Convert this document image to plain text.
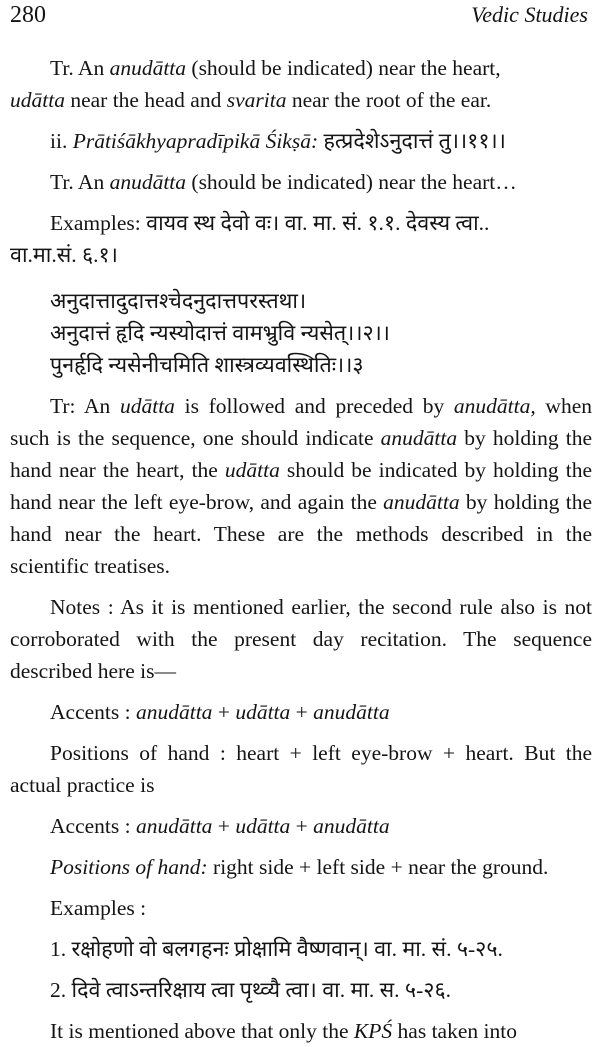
280	Vedic Studies

Tr. An anudātta (should be indicated) near the heart,
udātta near the head and svarita near the root of the ear.

ii. Prātiśākhyapradīpikā Śikṣā: हत्प्रदेशेऽनुदात्तं तु।।११।।

Tr. An anudātta (should be indicated) near the heart…

Examples: वायव स्थ देवो वः। वा. मा. सं. १.१. देवस्य त्वा..
वा.मा.सं. ६.१।

अनुदात्तादुदात्तश्चेदनुदात्तपरस्तथा।

अनुदात्तं हृदि न्यस्योदात्तं वामभ्रुवि न्यसेत्।।२।।

पुनर्हृदि न्यसेनीचमिति शास्त्रव्यवस्थितिः।।३

Tr: An udātta is followed and preceded by anudātta, when such is the sequence, one should indicate anudātta by holding the hand near the heart, the udātta should be indicated by holding the hand near the left eye-brow, and again the anudātta by holding the hand near the heart. These are the methods described in the scientific treatises.

Notes : As it is mentioned earlier, the second rule also is not corroborated with the present day recitation. The sequence described here is—

Accents : anudātta + udātta + anudātta

Positions of hand : heart + left eye-brow + heart. But the actual practice is

Accents : anudātta + udātta + anudātta

Positions of hand: right side + left side + near the ground.

Examples :

1. रक्षोहणो वो बलगहनः प्रोक्षामि वैष्णवान्। वा. मा. सं. ५-२५.

2. दिवे त्वाऽन्तरिक्षाय त्वा पृथ्व्यै त्वा। वा. मा. स. ५-२६.

It is mentioned above that only the KPŚ has taken into
